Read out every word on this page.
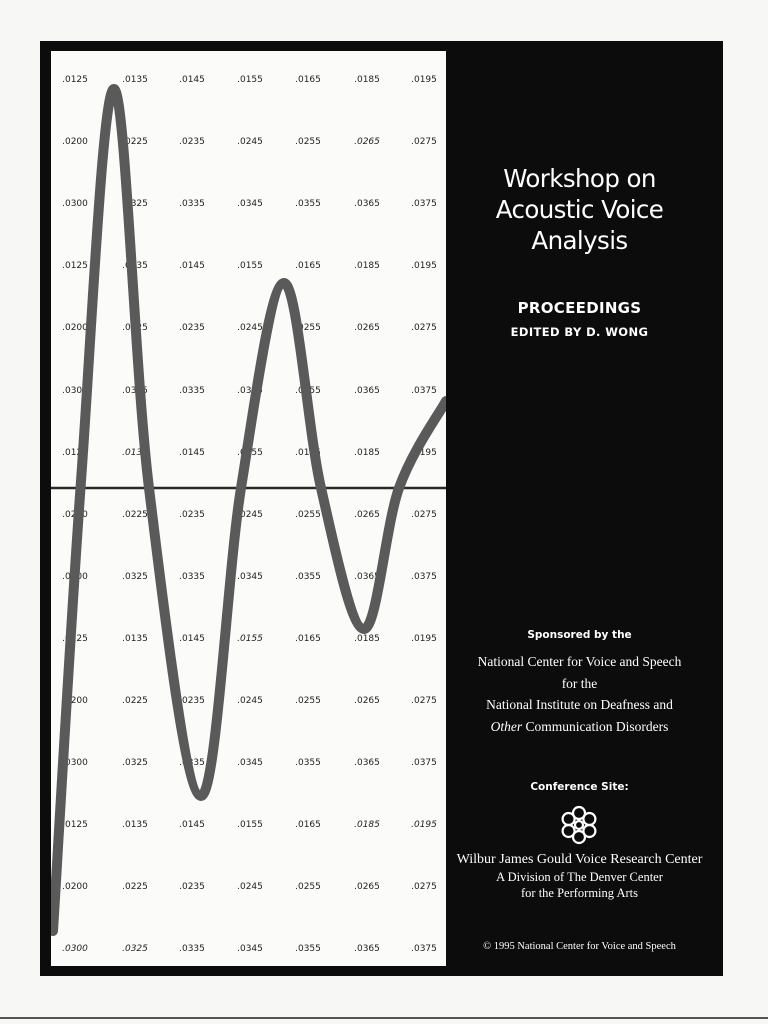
.0125	.0135	.0145	.0155	.0165	.0185	.0195
.0200	.0225	.0235	.0245	.0255	.0265	.0275
.0300	.0325	.0335	.0345	.0355	.0365	.0375
.0125	.0135	.0145	.0155	.0165	.0185	.0195
.0200	.0225	.0235	.0245	.0255	.0265	.0275
.0300	.0325	.0335	.0345	.0355	.0365	.0375
.0125	.0135	.0145	.0155	.0165	.0185	.0195
.0200	.0225	.0235	.0245	.0255	.0265	.0275
.0300	.0325	.0335	.0345	.0355	.0365	.0375
.0125	.0135	.0145	.0155	.0165	.0185	.0195
.0200	.0225	.0235	.0245	.0255	.0265	.0275
.0300	.0325	.0335	.0345	.0355	.0365	.0375
.0125	.0135	.0145	.0155	.0165	.0185	.0195
.0200	.0225	.0235	.0245	.0255	.0265	.0275
.0300	.0325	.0335	.0345	.0355	.0365	.0375
Workshop on
Acoustic Voice
Analysis
PROCEEDINGS
EDITED BY D. WONG
Sponsored by the
National Center for Voice and Speech
for the
National Institute on Deafness and
Other Communication Disorders
Conference Site:
Wilbur James Gould Voice Research Center
A Division of The Denver Center
for the Performing Arts
© 1995 National Center for Voice and Speech
